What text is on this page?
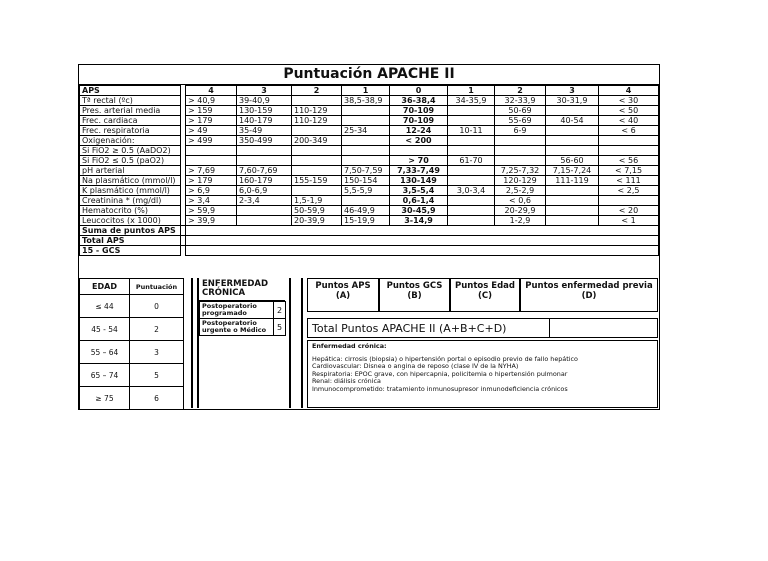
Puntuación APACHE II
APS		4	3	2	1	0	1	2	3	4
Tª rectal (ºc)		> 40,9	39-40,9		38,5-38,9	36-38,4	34-35,9	32-33,9	30-31,9	< 30
Pres. arterial media		> 159	130-159	110-129		70-109		50-69		< 50
Frec. cardiaca		> 179	140-179	110-129		70-109		55-69	40-54	< 40
Frec. respiratoria		> 49	35-49		25-34	12-24	10-11	6-9		< 6
Oxigenación:		> 499	350-499	200-349		< 200				
Si FiO2 ≥ 0.5 (AaDO2)										
Si FiO2 ≤ 0.5 (paO2)						> 70	61-70		56-60	< 56
pH arterial		> 7,69	7,60-7,69		7,50-7,59	7,33-7,49		7,25-7,32	7,15-7,24	< 7,15
Na plasmático (mmol/l)		> 179	160-179	155-159	150-154	130-149		120-129	111-119	< 111
K plasmático (mmol/l)		> 6,9	6,0-6,9		5,5-5,9	3,5-5,4	3,0-3,4	2,5-2,9		< 2,5
Creatinina * (mg/dl)		> 3,4	2-3,4	1,5-1,9		0,6-1,4		< 0,6		
Hematocrito (%)		> 59,9		50-59,9	46-49,9	30-45,9		20-29,9		< 20
Leucocitos (x 1000)		> 39,9		20-39,9	15-19,9	3-14,9		1-2,9		< 1
Suma de puntos APS										
Total APS										
15 - GCS										
EDAD	Puntuación
≤ 44	0
45 - 54	2
55 – 64	3
65 – 74	5
≥ 75	6
ENFERMEDAD
CRÓNICA
Postoperatorio
programado	2

Postoperatorio
urgente o Médico	5
Puntos APS
(A)
Puntos GCS
(B)
Puntos Edad
(C)
Puntos enfermedad previa
(D)
Total Puntos APACHE II (A+B+C+D)
Enfermedad crónica:
Hepática: cirrosis (biopsia) o hipertensión portal o episodio previo de fallo hepático
Cardiovascular: Disnea o angina de reposo (clase IV de la NYHA)
Respiratoria: EPOC grave, con hipercapnia, policitemia o hipertensión pulmonar
Renal: diálisis crónica
Inmunocomprometido: tratamiento inmunosupresor inmunodeficiencia crónicos
